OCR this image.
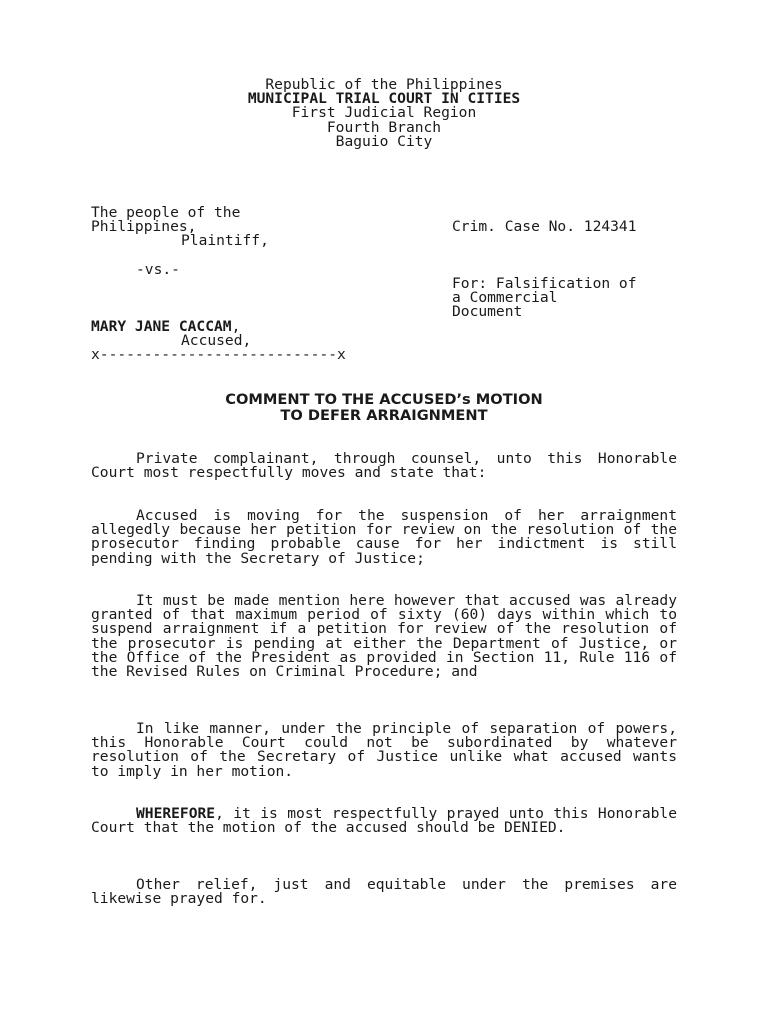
Republic of the Philippines
MUNICIPAL TRIAL COURT IN CITIES
First Judicial Region
Fourth Branch
Baguio City
The people of the
Philippines,
Plaintiff,
-vs.-
MARY JANE CACCAM,
Accused,
x---------------------------x
Crim. Case No. 124341
For: Falsification of
a Commercial
Document
COMMENT TO THE ACCUSED’s MOTION
TO DEFER ARRAIGNMENT
Private complainant, through counsel, unto this Honorable Court most respectfully moves and state that:
Accused is moving for the suspension of her arraignment allegedly because her petition for review on the resolution of the prosecutor finding probable cause for her indictment is still pending with the Secretary of Justice;
It must be made mention here however that accused was already granted of that maximum period of sixty (60) days within which to suspend arraignment if a petition for review of the resolution of the prosecutor is pending at either the Department of Justice, or the Office of the President as provided in Section 11, Rule 116 of the Revised Rules on Criminal Procedure; and
In like manner, under the principle of separation of powers, this Honorable Court could not be subordinated by whatever resolution of the Secretary of Justice unlike what accused wants to imply in her motion.
WHEREFORE, it is most respectfully prayed unto this Honorable Court that the motion of the accused should be DENIED.
Other relief, just and equitable under the premises are likewise prayed for.
